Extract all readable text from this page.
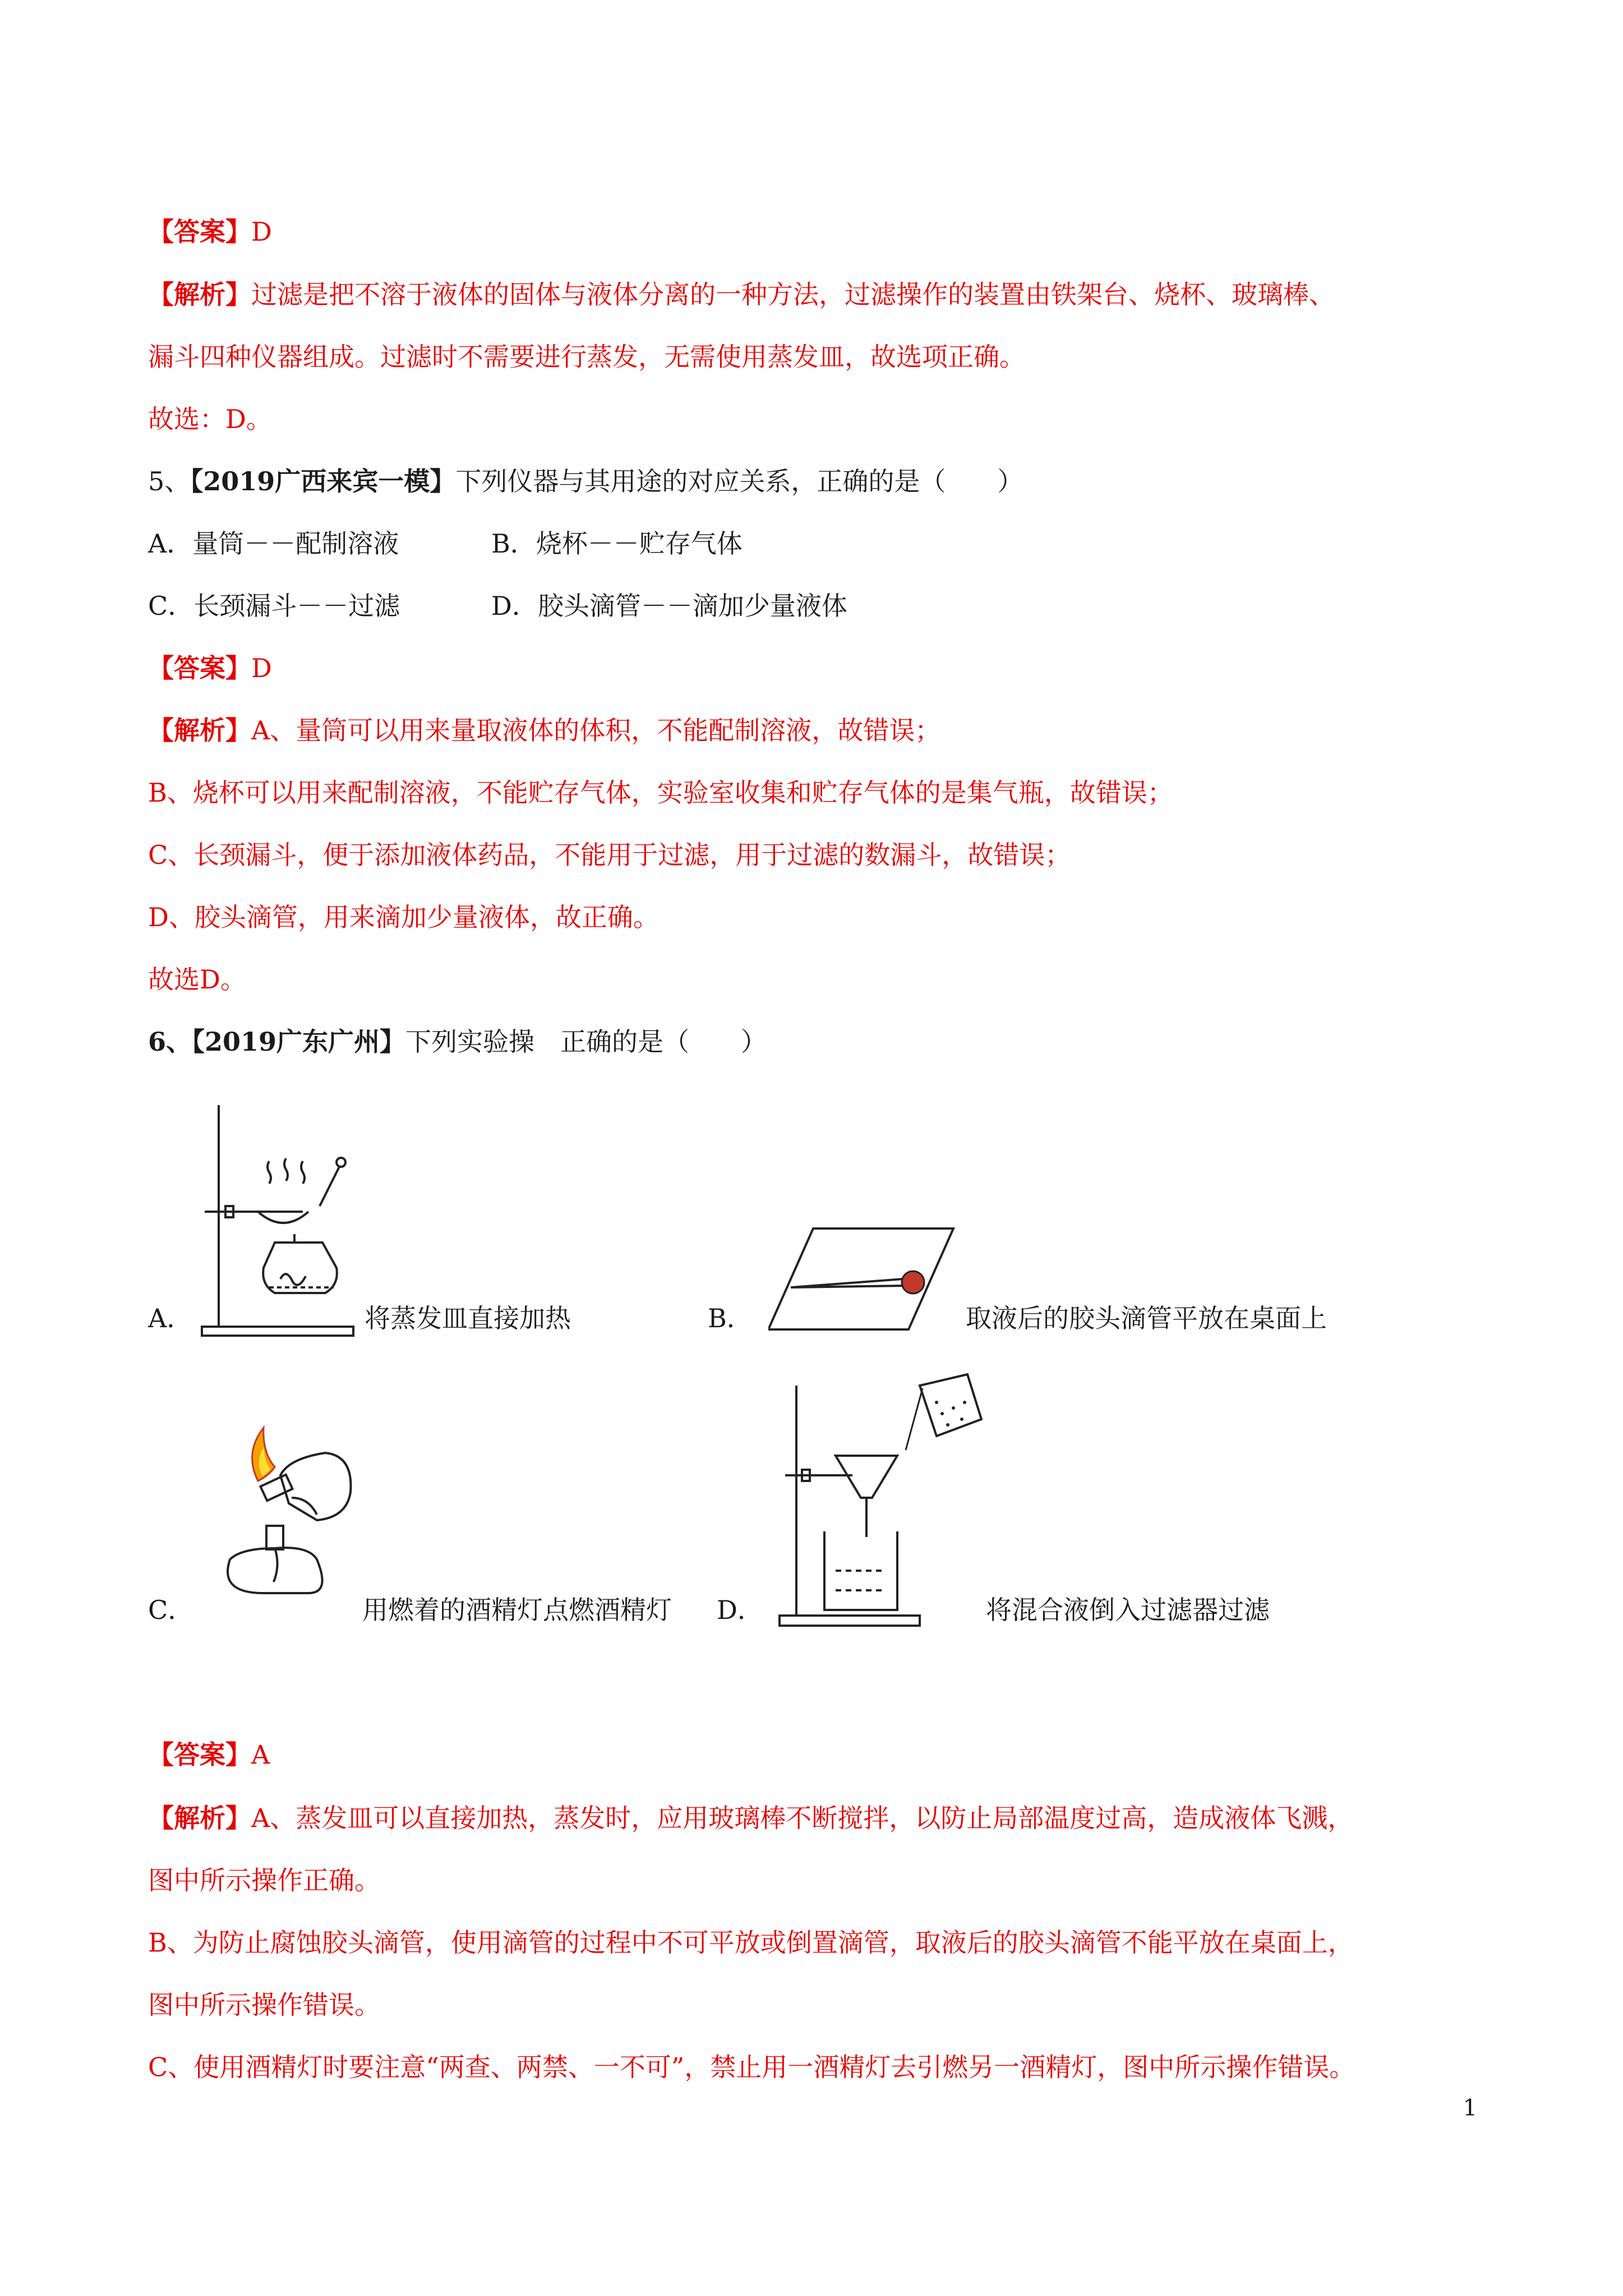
【答案】D
【解析】过滤是把不溶于液体的固体与液体分离的一种方法，过滤操作的装置由铁架台、烧杯、玻璃棒、
漏斗四种仪器组成。过滤时不需要进行蒸发，无需使用蒸发皿，故选项正确。
故选：D。
5、【2019广西来宾一模】下列仪器与其用途的对应关系，正确的是（　　）
A．量筒－－配制溶液	B．烧杯－－贮存气体
C．长颈漏斗－－过滤	D．胶头滴管－－滴加少量液体
【答案】D
【解析】A、量筒可以用来量取液体的体积，不能配制溶液，故错误；
B、烧杯可以用来配制溶液，不能贮存气体，实验室收集和贮存气体的是集气瓶，故错误；
C、长颈漏斗，便于添加液体药品，不能用于过滤，用于过滤的数漏斗，故错误；
D、胶头滴管，用来滴加少量液体，故正确。
故选D。
6、【2019广东广州】下列实验操　正确的是（　　）
A．	将蒸发皿直接加热	B．	取液后的胶头滴管平放在桌面上
C．	用燃着的酒精灯点燃酒精灯 D．	将混合液倒入过滤器过滤
【答案】A
【解析】A、蒸发皿可以直接加热，蒸发时，应用玻璃棒不断搅拌，以防止局部温度过高，造成液体飞溅，
图中所示操作正确。
B、为防止腐蚀胶头滴管，使用滴管的过程中不可平放或倒置滴管，取液后的胶头滴管不能平放在桌面上，
图中所示操作错误。
C、使用酒精灯时要注意“两查、两禁、一不可”，禁止用一酒精灯去引燃另一酒精灯，图中所示操作错误。
1
